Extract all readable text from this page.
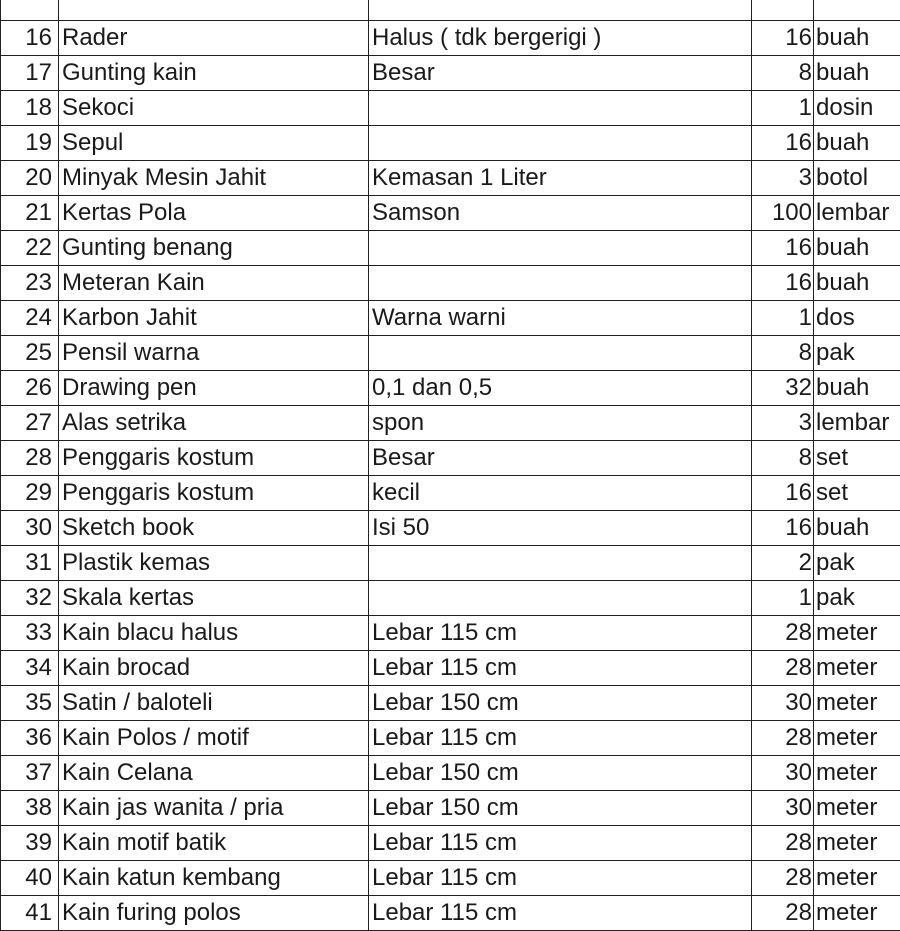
16	Rader	Halus ( tdk bergerigi )	16	buah
17	Gunting kain	Besar	8	buah
18	Sekoci		1	dosin
19	Sepul		16	buah
20	Minyak Mesin Jahit	Kemasan 1 Liter	3	botol
21	Kertas Pola	Samson	100	lembar
22	Gunting benang		16	buah
23	Meteran Kain		16	buah
24	Karbon Jahit	Warna warni	1	dos
25	Pensil warna		8	pak
26	Drawing pen	0,1 dan 0,5	32	buah
27	Alas setrika	spon	3	lembar
28	Penggaris kostum	Besar	8	set
29	Penggaris kostum	kecil	16	set
30	Sketch book	Isi 50	16	buah
31	Plastik kemas		2	pak
32	Skala kertas		1	pak
33	Kain blacu halus	Lebar 115 cm	28	meter
34	Kain brocad	Lebar 115 cm	28	meter
35	Satin / baloteli	Lebar 150 cm	30	meter
36	Kain Polos / motif	Lebar 115 cm	28	meter
37	Kain Celana	Lebar 150 cm	30	meter
38	Kain jas wanita / pria	Lebar 150 cm	30	meter
39	Kain motif batik	Lebar 115 cm	28	meter
40	Kain katun kembang	Lebar 115 cm	28	meter
41	Kain furing polos	Lebar 115 cm	28	meter
